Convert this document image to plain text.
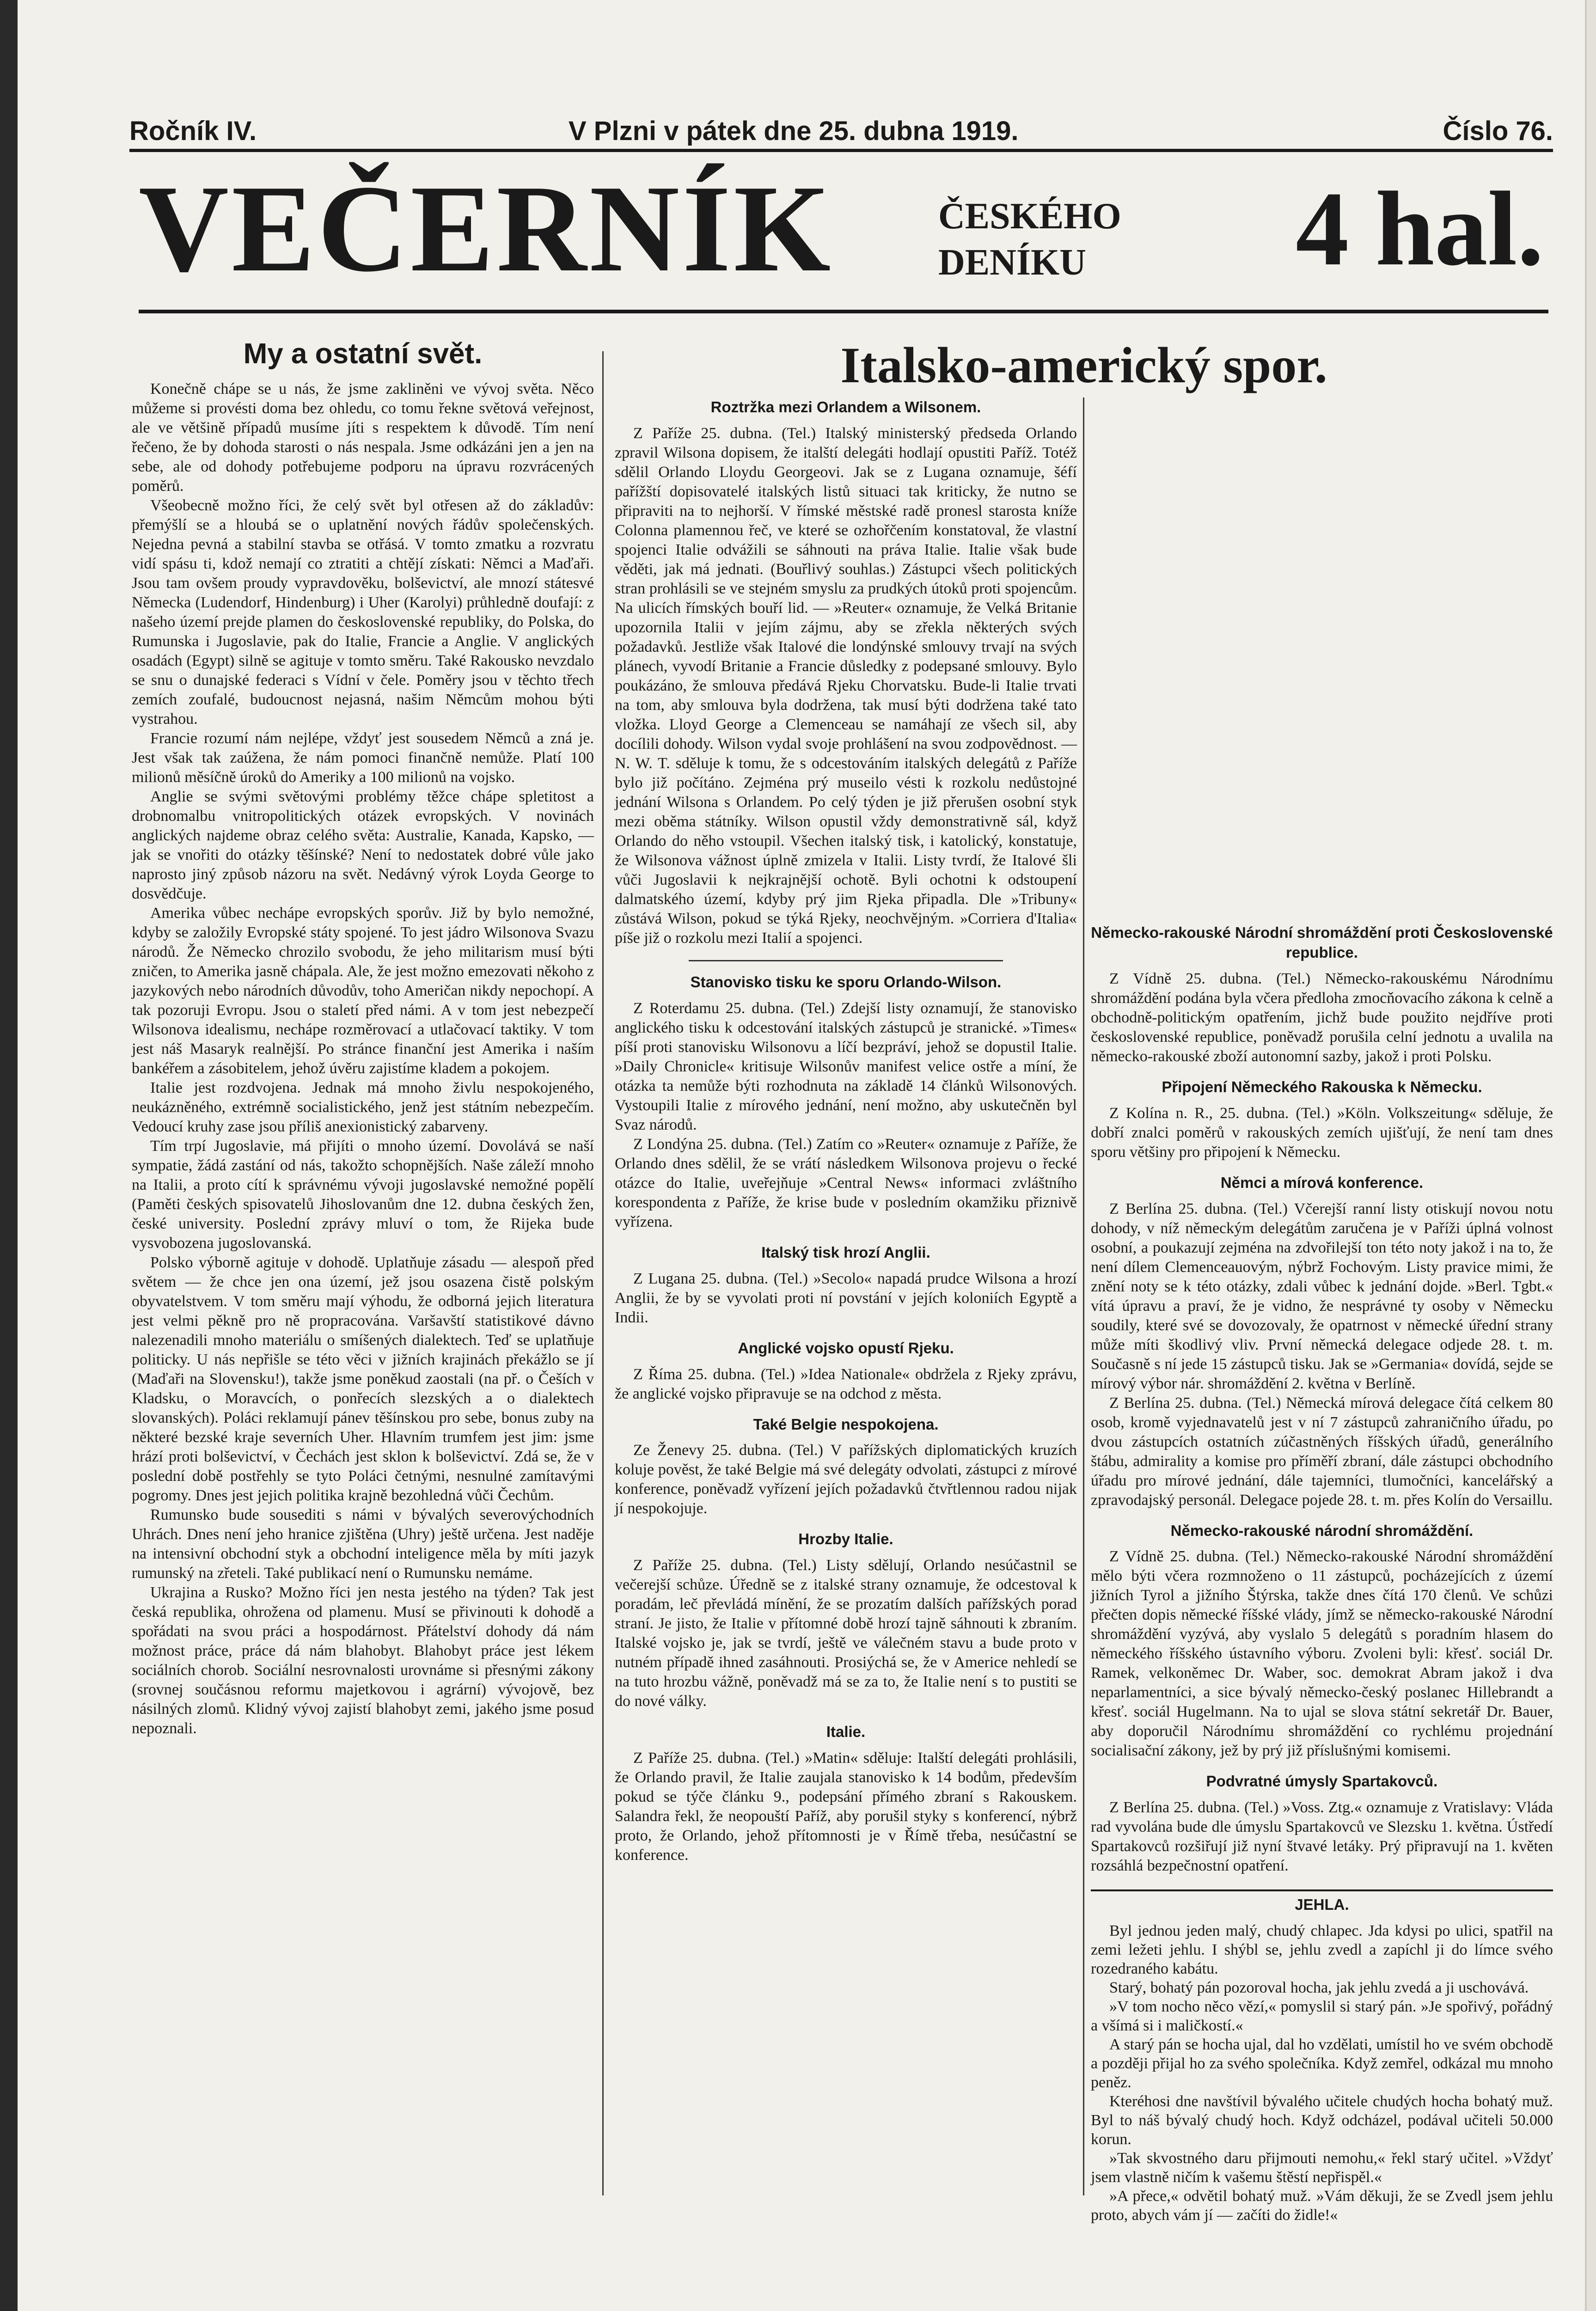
Ročník IV.	V Plzni v pátek dne 25. dubna 1919.	Číslo 76.
VEČERNÍK	ČESKÉHO
DENÍKU	4 hal.
My a ostatní svět.

Konečně chápe se u nás, že jsme zakliněni ve vývoj světa. Něco můžeme si provésti doma bez ohledu, co tomu řekne světová veřejnost, ale ve většině případů musíme jíti s respektem k důvodě. Tím není řečeno, že by dohoda starosti o nás nespala. Jsme odkázáni jen a jen na sebe, ale od dohody potřebujeme podporu na úpravu rozvrácených poměrů.

Všeobecně možno říci, že celý svět byl otřesen až do základův: přemýšlí se a hloubá se o uplatnění nových řádův společenských. Nejedna pevná a stabilní stavba se otřásá. V tomto zmatku a rozvratu vidí spásu ti, kdož nemají co ztratiti a chtějí získati: Němci a Maďaři. Jsou tam ovšem proudy vypravdověku, bolševictví, ale mnozí státesvé Německa (Ludendorf, Hindenburg) i Uher (Karolyi) průhledně doufají: z našeho území prejde plamen do československé republiky, do Polska, do Rumunska i Jugoslavie, pak do Italie, Francie a Anglie. V anglických osadách (Egypt) silně se agituje v tomto směru. Také Rakousko nevzdalo se snu o dunajské federaci s Vídní v čele. Poměry jsou v těchto třech zemích zoufalé, budoucnost nejasná, našim Němcům mohou býti vystrahou.

Francie rozumí nám nejlépe, vždyť jest sousedem Němců a zná je. Jest však tak zaúžena, že nám pomoci finančně nemůže. Platí 100 milionů měsíčně úroků do Ameriky a 100 milionů na vojsko.

Anglie se svými světovými problémy těžce chápe spletitost a drobnomalbu vnitropolitických otázek evropských. V novinách anglických najdeme obraz celého světa: Australie, Kanada, Kapsko, — jak se vnořiti do otázky těšínské? Není to nedostatek dobré vůle jako naprosto jiný způsob názoru na svět. Nedávný výrok Loyda George to dosvědčuje.

Amerika vůbec nechápe evropských sporův. Již by bylo nemožné, kdyby se založily Evropské státy spojené. To jest jádro Wilsonova Svazu národů. Že Německo chrozilo svobodu, že jeho militarism musí býti zničen, to Amerika jasně chápala. Ale, že jest možno emezovati někoho z jazykových nebo národních důvodův, toho Američan nikdy nepochopí. A tak pozoruji Evropu. Jsou o staletí před námi. A v tom jest nebezpečí Wilsonova idealismu, nechápe rozměrovací a utlačovací taktiky. V tom jest náš Masaryk realnější. Po stránce finanční jest Amerika i naším bankéřem a zásobitelem, jehož úvěru zajistíme kladem a pokojem.

Italie jest rozdvojena. Jednak má mnoho živlu nespokojeného, neukázněného, extrémně socialistického, jenž jest státním nebezpečím. Vedoucí kruhy zase jsou příliš anexionistický zabarveny.

Tím trpí Jugoslavie, má přijíti o mnoho území. Dovolává se naší sympatie, žádá zastání od nás, takožto schopnějších. Naše záleží mnoho na Italii, a proto cítí k správnému vývoji jugoslavské nemožné popělí (Paměti českých spisovatelů Jihoslovanům dne 12. dubna českých žen, české university. Poslední zprávy mluví o tom, že Rijeka bude vysvobozena jugoslovanská.

Polsko výborně agituje v dohodě. Uplatňuje zásadu — alespoň před světem — že chce jen ona území, jež jsou osazena čistě polským obyvatelstvem. V tom směru mají výhodu, že odborná jejich literatura jest velmi pěkně pro ně propracována. Varšavští statistikové dávno nalezenadili mnoho materiálu o smíšených dialektech. Teď se uplatňuje politicky. U nás nepřišle se této věci v jižních krajinách překážlo se jí (Maďaři na Slovensku!), takže jsme poněkud zaostali (na př. o Češích v Kladsku, o Moravcích, o ponřecích slezských a o dialektech slovanských). Poláci reklamují pánev těšínskou pro sebe, bonus zuby na některé bezské kraje severních Uher. Hlavním trumfem jest jim: jsme hrází proti bolševictví, v Čechách jest sklon k bolševictví. Zdá se, že v poslední době postřehly se tyto Poláci četnými, nesnulné zamítavými pogromy. Dnes jest jejich politika krajně bezohledná vůči Čechům.

Rumunsko bude sousediti s námi v bývalých severovýchodních Uhrách. Dnes není jeho hranice zjištěna (Uhry) ještě určena. Jest naděje na intensivní obchodní styk a obchodní inteligence měla by míti jazyk rumunský na zřeteli. Také publikací není o Rumunsku nemáme.

Ukrajina a Rusko? Možno říci jen nesta jestého na týden? Tak jest česká republika, ohrožena od plamenu. Musí se přivinouti k dohodě a spořádati na svou práci a hospodárnost. Přátelství dohody dá nám možnost práce, práce dá nám blahobyt. Blahobyt práce jest lékem sociálních chorob. Sociální nesrovnalosti urovnáme si přesnými zákony (srovnej součásnou reformu majetkovou i agrární) vývojově, bez násilných zlomů. Klidný vývoj zajistí blahobyt zemi, jakého jsme posud nepoznali.

Italsko-americký spor.
Roztržka mezi Orlandem a Wilsonem.

Z Paříže 25. dubna. (Tel.) Italský ministerský předseda Orlando zpravil Wilsona dopisem, že italští delegáti hodlají opustiti Paříž. Totéž sdělil Orlando Lloydu Georgeovi. Jak se z Lugana oznamuje, šéfí pařížští dopisovatelé italských listů situaci tak kriticky, že nutno se připraviti na to nejhorší. V římské městské radě pronesl starosta kníže Colonna plamennou řeč, ve které se ozhořčením konstatoval, že vlastní spojenci Italie odvážili se sáhnouti na práva Italie. Italie však bude věděti, jak má jednati. (Bouřlivý souhlas.) Zástupci všech politických stran prohlásili se ve stejném smyslu za prudkých útoků proti spojencům. Na ulicích římských bouří lid. — »Reuter« oznamuje, že Velká Britanie upozornila Italii v jejím zájmu, aby se zřekla některých svých požadavků. Jestliže však Italové die londýnské smlouvy trvají na svých plánech, vyvodí Britanie a Francie důsledky z podepsané smlouvy. Bylo poukázáno, že smlouva předává Rjeku Chorvatsku. Bude-li Italie trvati na tom, aby smlouva byla dodržena, tak musí býti dodržena také tato vložka. Lloyd George a Clemenceau se namáhají ze všech sil, aby docílili dohody. Wilson vydal svoje prohlášení na svou zodpovědnost. — N. W. T. sděluje k tomu, že s odcestováním italských delegátů z Paříže bylo již počítáno. Zejména prý museilo vésti k rozkolu nedůstojné jednání Wilsona s Orlandem. Po celý týden je již přerušen osobní styk mezi oběma státníky. Wilson opustil vždy demonstrativně sál, když Orlando do něho vstoupil. Všechen italský tisk, i katolický, konstatuje, že Wilsonova vážnost úplně zmizela v Italii. Listy tvrdí, že Italové šli vůči Jugoslavii k nejkrajnější ochotě. Byli ochotni k odstoupení dalmatského území, kdyby prý jim Rjeka připadla. Dle »Tribuny« zůstává Wilson, pokud se týká Rjeky, neochvějným. »Corriera d'Italia« píše již o rozkolu mezi Italií a spojenci.

Stanovisko tisku ke sporu Orlando-Wilson.

Z Roterdamu 25. dubna. (Tel.) Zdejší listy oznamují, že stanovisko anglického tisku k odcestování italských zástupců je stranické. »Times« píší proti stanovisku Wilsonovu a líčí bezpráví, jehož se dopustil Italie. »Daily Chronicle« kritisuje Wilsonův manifest velice ostře a míní, že otázka ta nemůže býti rozhodnuta na základě 14 článků Wilsonových. Vystoupili Italie z mírového jednání, není možno, aby uskutečněn byl Svaz národů.

Z Londýna 25. dubna. (Tel.) Zatím co »Reuter« oznamuje z Paříže, že Orlando dnes sdělil, že se vrátí následkem Wilsonova projevu o řecké otázce do Italie, uveřejňuje »Central News« informaci zvláštního korespondenta z Paříže, že krise bude v posledním okamžiku přiznivě vyřízena.

Italský tisk hrozí Anglii.

Z Lugana 25. dubna. (Tel.) »Secolo« napadá prudce Wilsona a hrozí Anglii, že by se vyvolati proti ní povstání v jejích koloniích Egyptě a Indii.

Anglické vojsko opustí Rjeku.

Z Říma 25. dubna. (Tel.) »Idea Nationale« obdržela z Rjeky zprávu, že anglické vojsko připravuje se na odchod z města.

Také Belgie nespokojena.

Ze Ženevy 25. dubna. (Tel.) V pařížských diplomatických kruzích koluje pověst, že také Belgie má své delegáty odvolati, zástupci z mírové konference, poněvadž vyřízení jejích požadavků čtvřtlennou radou nijak jí nespokojuje.

Hrozby Italie.

Z Paříže 25. dubna. (Tel.) Listy sdělují, Orlando nesúčastnil se večerejší schůze. Úředně se z italské strany oznamuje, že odcestoval k poradám, leč převládá mínění, že se prozatím dalších pařížských porad straní. Je jisto, že Italie v přítomné době hrozí tajně sáhnouti k zbraním. Italské vojsko je, jak se tvrdí, ještě ve válečném stavu a bude proto v nutném případě ihned zasáhnouti. Prosiýchá se, že v Americe nehledí se na tuto hrozbu vážně, poněvadž má se za to, že Italie není s to pustiti se do nové války.

Italie.

Z Paříže 25. dubna. (Tel.) »Matin« sděluje: Italští delegáti prohlásili, že Orlando pravil, že Italie zaujala stanovisko k 14 bodům, především pokud se týče článku 9., podepsání přímého zbraní s Rakouskem. Salandra řekl, že neopouští Paříž, aby porušil styky s konferencí, nýbrž proto, že Orlando, jehož přítomnosti je v Římě třeba, nesúčastní se konference.

Německo-rakouské Národní shromáždění proti Československé republice.

Z Vídně 25. dubna. (Tel.) Německo-rakouskému Národnímu shromáždění podána byla včera předloha zmocňovacího zákona k celně a obchodně-politickým opatřením, jichž bude použito nejdříve proti československé republice, poněvadž porušila celní jednotu a uvalila na německo-rakouské zboží autonomní sazby, jakož i proti Polsku.

Připojení Německého Rakouska k Německu.

Z Kolína n. R., 25. dubna. (Tel.) »Köln. Volkszeitung« sděluje, že dobří znalci poměrů v rakouských zemích ujišťují, že není tam dnes sporu většiny pro připojení k Německu.

Němci a mírová konference.

Z Berlína 25. dubna. (Tel.) Včerejší ranní listy otiskují novou notu dohody, v níž německým delegátům zaručena je v Paříži úplná volnost osobní, a poukazují zejména na zdvořilejší ton této noty jakož i na to, že není dílem Clemenceauovým, nýbrž Fochovým. Listy pravice mimi, že znění noty se k této otázky, zdali vůbec k jednání dojde. »Berl. Tgbt.« vítá úpravu a praví, že je vidno, že nesprávné ty osoby v Německu soudily, které své se dovozovaly, že opatrnost v německé úřední strany může míti škodlivý vliv. První německá delegace odjede 28. t. m. Současně s ní jede 15 zástupců tisku. Jak se »Germania« dovídá, sejde se mírový výbor nár. shromáždění 2. května v Berlíně.

Z Berlína 25. dubna. (Tel.) Německá mírová delegace čítá celkem 80 osob, kromě vyjednavatelů jest v ní 7 zástupců zahraničního úřadu, po dvou zástupcích ostatních zúčastněných říšských úřadů, generálního štábu, admirality a komise pro příměří zbraní, dále zástupci obchodního úřadu pro mírové jednání, dále tajemníci, tlumočníci, kancelářský a zpravodajský personál. Delegace pojede 28. t. m. přes Kolín do Versaillu.

Německo-rakouské národní shromáždění.

Z Vídně 25. dubna. (Tel.) Německo-rakouské Národní shromáždění mělo býti včera rozmnoženo o 11 zástupců, pocházejících z území jižních Tyrol a jižního Štýrska, takže dnes čítá 170 členů. Ve schůzi přečten dopis německé říšské vlády, jímž se německo-rakouské Národní shromáždění vyzývá, aby vyslalo 5 delegátů s poradním hlasem do německého říšského ústavního výboru. Zvoleni byli: křesť. sociál Dr. Ramek, velkoněmec Dr. Waber, soc. demokrat Abram jakož i dva neparlamentníci, a sice bývalý německo-český poslanec Hillebrandt a křesť. sociál Hugelmann. Na to ujal se slova státní sekretář Dr. Bauer, aby doporučil Národnímu shromáždění co rychlému projednání socialisační zákony, jež by prý již příslušnými komisemi.

Podvratné úmysly Spartakovců.

Z Berlína 25. dubna. (Tel.) »Voss. Ztg.« oznamuje z Vratislavy: Vláda rad vyvolána bude dle úmyslu Spartakovců ve Slezsku 1. května. Ústředí Spartakovců rozšiřují již nyní štvavé letáky. Prý připravují na 1. květen rozsáhlá bezpečnostní opatření.

JEHLA.

Byl jednou jeden malý, chudý chlapec. Jda kdysi po ulici, spatřil na zemi ležeti jehlu. I shýbl se, jehlu zvedl a zapíchl ji do límce svého rozedraného kabátu.

Starý, bohatý pán pozoroval hocha, jak jehlu zvedá a ji uschovává.

»V tom nocho něco vězí,« pomyslil si starý pán. »Je spořivý, pořádný a všímá si i maličkostí.«

A starý pán se hocha ujal, dal ho vzdělati, umístil ho ve svém obchodě a později přijal ho za svého společníka. Když zemřel, odkázal mu mnoho peněz.

Kteréhosi dne navštívil bývalého učitele chudých hocha bohatý muž. Byl to náš bývalý chudý hoch. Když odcházel, podával učiteli 50.000 korun.

»Tak skvostného daru přijmouti nemohu,« řekl starý učitel. »Vždyť jsem vlastně ničím k vašemu štěstí nepřispěl.«

»A přece,« odvětil bohatý muž. »Vám děkuji, že se Zvedl jsem jehlu proto, abych vám jí — začíti do židle!«
